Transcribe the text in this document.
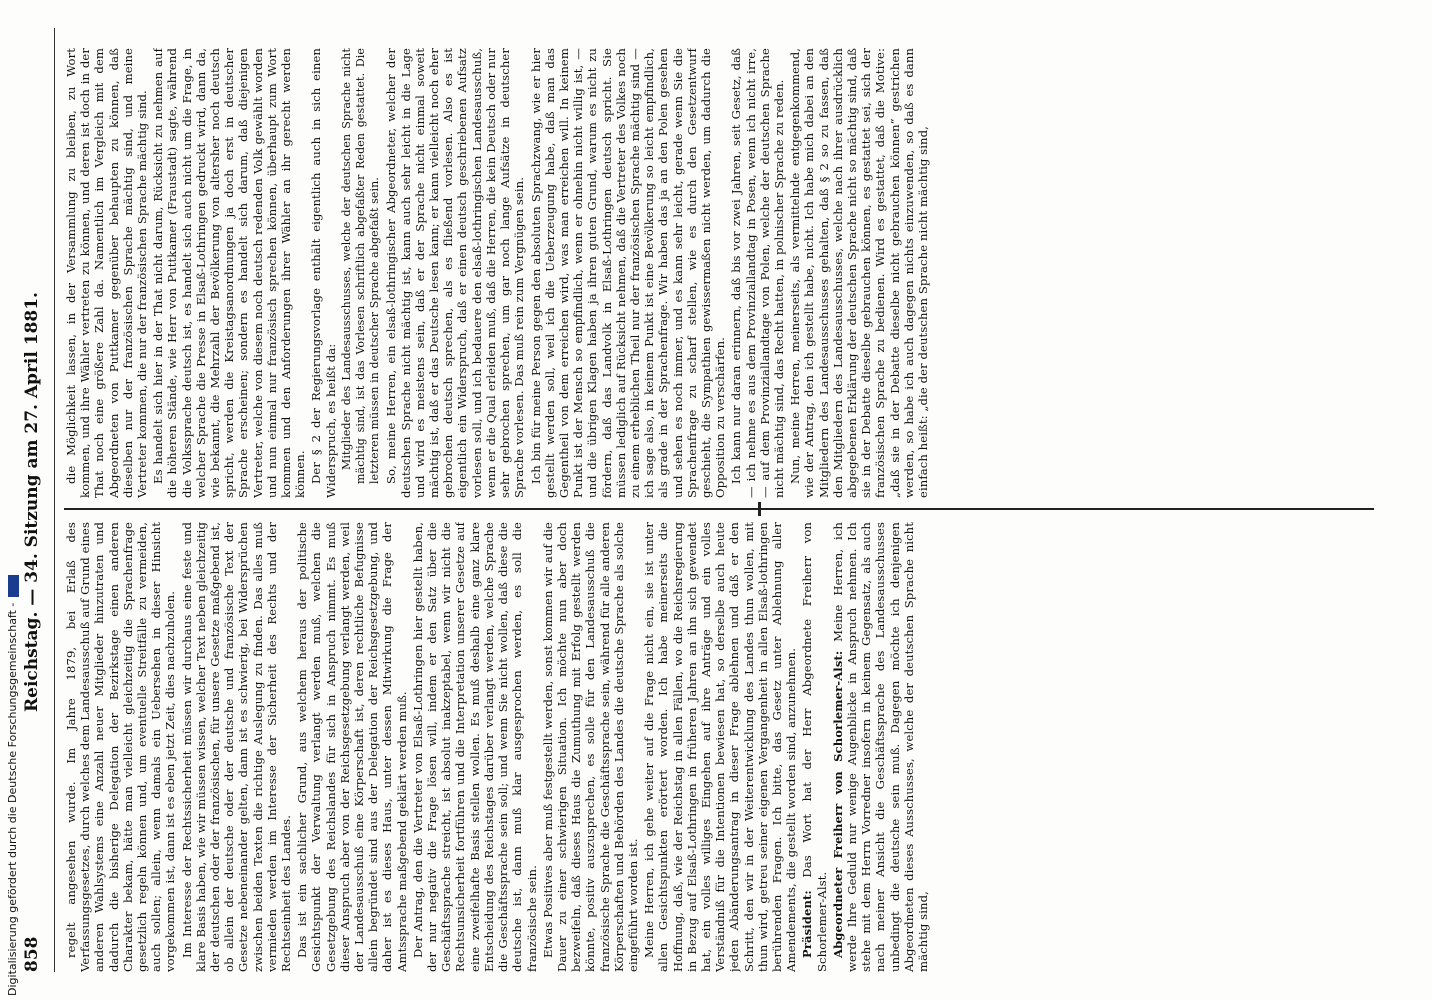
858
Reichstag. — 34. Sitzung am 27. April 1881.

regelt angesehen wurde. Im Jahre 1879, bei Erlaß des Verfassungsgesetzes, durch welches dem Landesausschuß auf Grund eines anderen Wahlsystems eine Anzahl neuer Mitglieder hinzutraten und dadurch die bisherige Delegation der Bezirkstage einen anderen Charakter bekam, hätte man vielleicht gleichzeitig die Sprachenfrage gesetzlich regeln können und, um eventuelle Streitfälle zu vermeiden, auch sollen; allein, wenn damals ein Uebersehen in dieser Hinsicht vorgekommen ist, dann ist es eben jetzt Zeit, dies nachzuholen. Im Interesse der Rechtssicherheit müssen wir durchaus eine feste und klare Basis haben, wie wir müssen wissen, welcher Text neben gleichzeitig der deutschen oder der französischen, für unsere Gesetze maßgebend ist, ob allein der deutsche oder der deutsche und französische Text der Gesetze nebeneinander gelten, dann ist es schwierig, bei Widersprüchen zwischen beiden Texten die richtige Auslegung zu finden. Das alles muß vermieden werden im Interesse der Sicherheit des Rechts und der Rechtseinheit des Landes. Das ist ein sachlicher Grund, aus welchem heraus der politische Gesichtspunkt der Verwaltung verlangt werden muß, welchen die Gesetzgebung des Reichslandes für sich in Anspruch nimmt. Es muß dieser Anspruch aber von der Reichsgesetzgebung verlangt werden, weil der Landesausschuß eine Körperschaft ist, deren rechtliche Befugnisse allein begründet sind aus der Delegation der Reichsgesetzgebung, und daher ist es dieses Haus, unter dessen Mitwirkung die Frage der Amtssprache maßgebend geklärt werden muß. Der Antrag, den die Vertreter von Elsaß-Lothringen hier gestellt haben, der nur negativ die Frage lösen will, indem er den Satz über die Geschäftssprache streicht, ist absolut inakzeptabel, wenn wir nicht die Rechtsunsicherheit fortführen und die Interpretation unserer Gesetze auf eine zweifelhafte Basis stellen wollen. Es muß deshalb eine ganz klare Entscheidung des Reichstages darüber verlangt werden, welche Sprache die Geschäftssprache sein soll; und wenn Sie nicht wollen, daß diese die deutsche ist, dann muß klar ausgesprochen werden, es soll die französische sein. Etwas Positives aber muß festgestellt werden, sonst kommen wir auf die Dauer zu einer schwierigen Situation. Ich möchte nun aber doch bezweifeln, daß dieses Haus die Zumuthung mit Erfolg gestellt werden könnte, positiv auszusprechen, es solle für den Landesausschuß die französische Sprache die Geschäftssprache sein, während für alle anderen Körperschaften und Behörden des Landes die deutsche Sprache als solche eingeführt worden ist. Meine Herren, ich gehe weiter auf die Frage nicht ein, sie ist unter allen Gesichtspunkten erörtert worden. Ich habe meinerseits die Hoffnung, daß, wie der Reichstag in allen Fällen, wo die Reichsregierung in Bezug auf Elsaß-Lothringen in früheren Jahren an ihn sich gewendet hat, ein volles williges Eingehen auf ihre Anträge und ein volles Verständniß für die Intentionen bewiesen hat, so derselbe auch heute jeden Abänderungsantrag in dieser Frage ablehnen und daß er den Schritt, den wir in der Weiterentwicklung des Landes thun wollen, mit thun wird, getreu seiner eigenen Vergangenheit in allen Elsaß-lothringen berührenden Fragen. Ich bitte, das Gesetz unter Ablehnung aller Amendements, die gestellt worden sind, anzunehmen. Präsident: Das Wort hat der Herr Abgeordnete Freiherr von Schorlemer-Alst. Abgeordneter Freiherr von Schorlemer-Alst: Meine Herren, ich werde Ihre Geduld nur wenige Augenblicke in Anspruch nehmen. Ich stehe mit dem Herrn Vorredner insofern in keinem Gegensatz, als auch nach meiner Ansicht die Geschäftssprache des Landesausschusses unbedingt die deutsche sein muß. Dagegen möchte ich denjenigen Abgeordneten dieses Ausschusses, welche der deutschen Sprache nicht mächtig sind,

die Möglichkeit lassen, in der Versammlung zu bleiben, zu Wort kommen, und ihre Wähler vertreten zu können, und deren ist doch in der That noch eine größere Zahl da. Namentlich im Vergleich mit dem Abgeordneten von Puttkamer gegenüber behaupten zu können, daß dieselben nur der französischen Sprache mächtig sind, und meine Vertreter kommen, die nur der französischen Sprache mächtig sind. Es handelt sich hier in der That nicht darum, Rücksicht zu nehmen auf die höheren Stände, wie Herr von Puttkamer (Fraustadt) sagte, während die Volkssprache deutsch ist, es handelt sich auch nicht um die Frage, in welcher Sprache die Presse in Elsaß-Lothringen gedruckt wird, dann da, wie bekannt, die Mehrzahl der Bevölkerung von altersher noch deutsch spricht, werden die Kreistagsanordnungen ja doch erst in deutscher Sprache erscheinen; sondern es handelt sich darum, daß diejenigen Vertreter, welche von diesem noch deutsch redenden Volk gewählt worden und nun einmal nur französisch sprechen können, überhaupt zum Wort kommen und den Anforderungen ihrer Wähler an ihr gerecht werden können. Der § 2 der Regierungsvorlage enthält eigentlich auch in sich einen Widerspruch, es heißt da: Mitglieder des Landesausschusses, welche der deutschen Sprache nicht mächtig sind, ist das Vorlesen schriftlich abgefaßter Reden gestattet. Die letzteren müssen in deutscher Sprache abgefaßt sein. So, meine Herren, ein elsaß-lothringischer Abgeordneter, welcher der deutschen Sprache nicht mächtig ist, kann auch sehr leicht in die Lage und wird es meistens sein, daß er der Sprache nicht einmal soweit mächtig ist, daß er das Deutsche lesen kann; er kann vielleicht noch eher gebrochen deutsch sprechen, als es fließend vorlesen. Also es ist eigentlich ein Widerspruch, daß er einen deutsch geschriebenen Aufsatz vorlesen soll, und ich bedauere den elsaß-lothringischen Landesausschuß, wenn er die Qual erleiden muß, daß die Herren, die kein Deutsch oder nur sehr gebrochen sprechen, um gar noch lange Aufsätze in deutscher Sprache vorlesen. Das muß rein zum Vergnügen sein. Ich bin für meine Person gegen den absoluten Sprachzwang, wie er hier gestellt werden soll, weil ich die Ueberzeugung habe, daß man das Gegentheil von dem erreichen wird, was man erreichen will. In keinem Punkt ist der Mensch so empfindlich, wenn er ohnehin nicht willig ist, — und die übrigen Klagen haben ja ihren guten Grund, warum es nicht zu fördern, daß das Landvolk in Elsaß-Lothringen deutsch spricht. Sie müssen lediglich auf Rücksicht nehmen, daß die Vertreter des Volkes noch zu einem erheblichen Theil nur der französischen Sprache mächtig sind — ich sage also, in keinem Punkt ist eine Bevölkerung so leicht empfindlich, als grade in der Sprachenfrage. Wir haben das ja an den Polen gesehen und sehen es noch immer, und es kann sehr leicht, gerade wenn Sie die Sprachenfrage zu scharf stellen, wie es durch den Gesetzentwurf geschieht, die Sympathien gewissermaßen nicht werden, um dadurch die Opposition zu verschärfen. Ich kann nur daran erinnern, daß bis vor zwei Jahren, seit Gesetz, daß — ich nehme es aus dem Provinziallandtag in Posen, wenn ich nicht irre, — auf dem Provinziallandtage von Polen, welche der deutschen Sprache nicht mächtig sind, das Recht hatten, in polnischer Sprache zu reden. Nun, meine Herren, meinerseits, als vermittelnde entgegenkommend, wie der Antrag, den ich gestellt habe, nicht. Ich habe mich dabei an den Mitgliedern des Landesausschusses gehalten, daß § 2 so zu fassen, daß den Mitgliedern des Landesausschusses, welche nach ihrer ausdrücklich abgegebenen Erklärung der deutschen Sprache nicht so mächtig sind, daß sie in der Debatte dieselbe gebrauchen können, es gestattet sei, sich der französischen Sprache zu bedienen. Wird es gestattet, daß die Motive: „daß sie in der Debatte dieselbe nicht gebrauchen können“ gestrichen werden, so habe ich auch dagegen nichts einzuwenden, so daß es dann einfach heißt: „die der deutschen Sprache nicht mächtig sind,

Digitalisierung gefördert durch die Deutsche Forschungsgemeinschaft -
